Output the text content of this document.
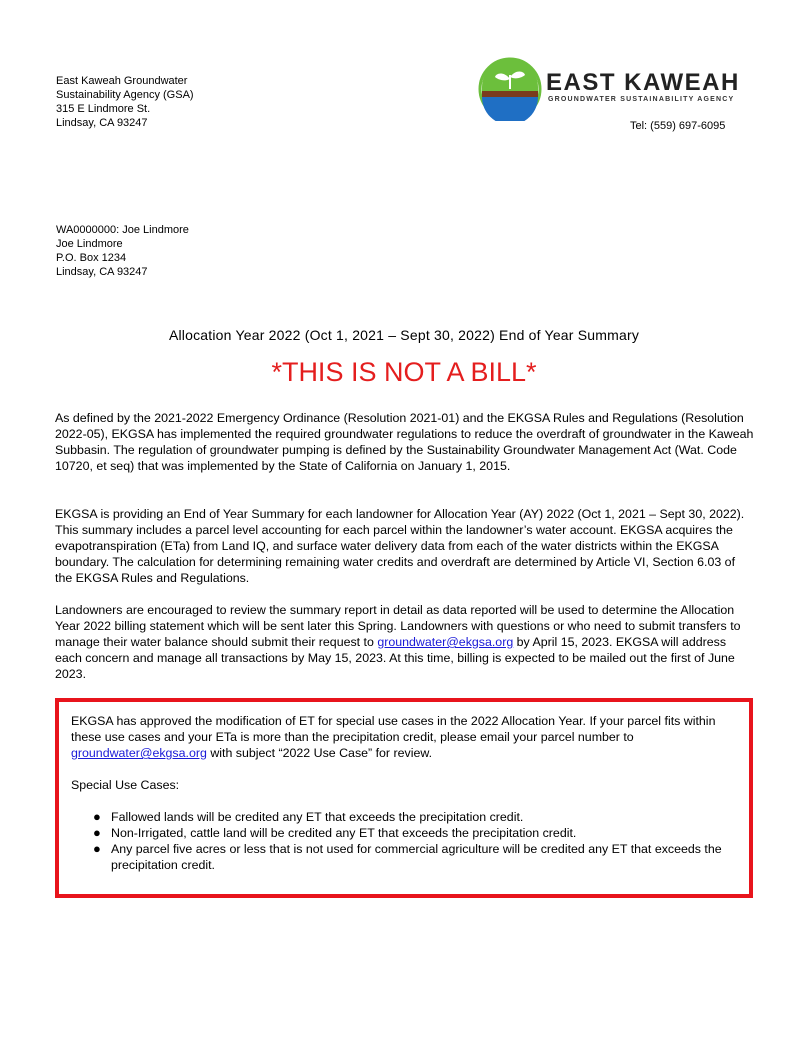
East Kaweah Groundwater
Sustainability Agency (GSA)
315 E Lindmore St.
Lindsay, CA 93247
EAST KAWEAH
GROUNDWATER SUSTAINABILITY AGENCY
Tel: (559) 697-6095
WA0000000: Joe Lindmore
Joe Lindmore
P.O. Box 1234
Lindsay, CA 93247
Allocation Year 2022 (Oct 1, 2021 – Sept 30, 2022) End of Year Summary
*THIS IS NOT A BILL*
As defined by the 2021-2022 Emergency Ordinance (Resolution 2021-01) and the EKGSA Rules and Regulations (Resolution 2022-05), EKGSA has implemented the required groundwater regulations to reduce the overdraft of groundwater in the Kaweah Subbasin. The regulation of groundwater pumping is defined by the Sustainability Groundwater Management Act (Wat. Code 10720, et seq) that was implemented by the State of California on January 1, 2015.
EKGSA is providing an End of Year Summary for each landowner for Allocation Year (AY) 2022 (Oct 1, 2021 – Sept 30, 2022). This summary includes a parcel level accounting for each parcel within the landowner’s water account. EKGSA acquires the evapotranspiration (ETa) from Land IQ, and surface water delivery data from each of the water districts within the EKGSA boundary. The calculation for determining remaining water credits and overdraft are determined by Article VI, Section 6.03 of the EKGSA Rules and Regulations.
Landowners are encouraged to review the summary report in detail as data reported will be used to determine the Allocation Year 2022 billing statement which will be sent later this Spring. Landowners with questions or who need to submit transfers to manage their water balance should submit their request to groundwater@ekgsa.org by April 15, 2023. EKGSA will address each concern and manage all transactions by May 15, 2023. At this time, billing is expected to be mailed out the first of June 2023.

EKGSA has approved the modification of ET for special use cases in the 2022 Allocation Year. If your parcel fits within these use cases and your ETa is more than the precipitation credit, please email your parcel number to groundwater@ekgsa.org with subject “2022 Use Case” for review.

Special Use Cases:

● Fallowed lands will be credited any ET that exceeds the precipitation credit.
● Non-Irrigated, cattle land will be credited any ET that exceeds the precipitation credit.
● Any parcel five acres or less that is not used for commercial agriculture will be credited any ET that exceeds the precipitation credit.
